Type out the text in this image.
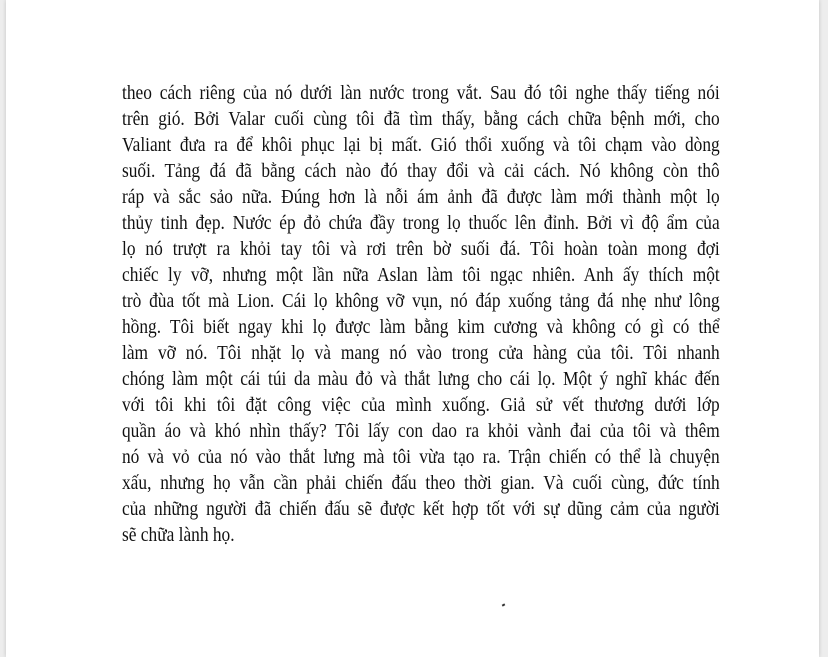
theo cách riêng của nó dưới làn nước trong vắt. Sau đó tôi nghe thấy tiếng nói
trên gió. Bởi Valar cuối cùng tôi đã tìm thấy, bằng cách chữa bệnh mới, cho
Valiant đưa ra để khôi phục lại bị mất. Gió thổi xuống và tôi chạm vào dòng
suối. Tảng đá đã bằng cách nào đó thay đổi và cải cách. Nó không còn thô
ráp và sắc sảo nữa. Đúng hơn là nỗi ám ảnh đã được làm mới thành một lọ
thủy tinh đẹp. Nước ép đỏ chứa đầy trong lọ thuốc lên đỉnh. Bởi vì độ ẩm của
lọ nó trượt ra khỏi tay tôi và rơi trên bờ suối đá. Tôi hoàn toàn mong đợi
chiếc ly vỡ, nhưng một lần nữa Aslan làm tôi ngạc nhiên. Anh ấy thích một
trò đùa tốt mà Lion. Cái lọ không vỡ vụn, nó đáp xuống tảng đá nhẹ như lông
hồng. Tôi biết ngay khi lọ được làm bằng kim cương và không có gì có thể
làm vỡ nó. Tôi nhặt lọ và mang nó vào trong cửa hàng của tôi. Tôi nhanh
chóng làm một cái túi da màu đỏ và thắt lưng cho cái lọ. Một ý nghĩ khác đến
với tôi khi tôi đặt công việc của mình xuống. Giả sử vết thương dưới lớp
quần áo và khó nhìn thấy? Tôi lấy con dao ra khỏi vành đai của tôi và thêm
nó và vỏ của nó vào thắt lưng mà tôi vừa tạo ra. Trận chiến có thể là chuyện
xấu, nhưng họ vẫn cần phải chiến đấu theo thời gian. Và cuối cùng, đức tính
của những người đã chiến đấu sẽ được kết hợp tốt với sự dũng cảm của người
sẽ chữa lành họ.
